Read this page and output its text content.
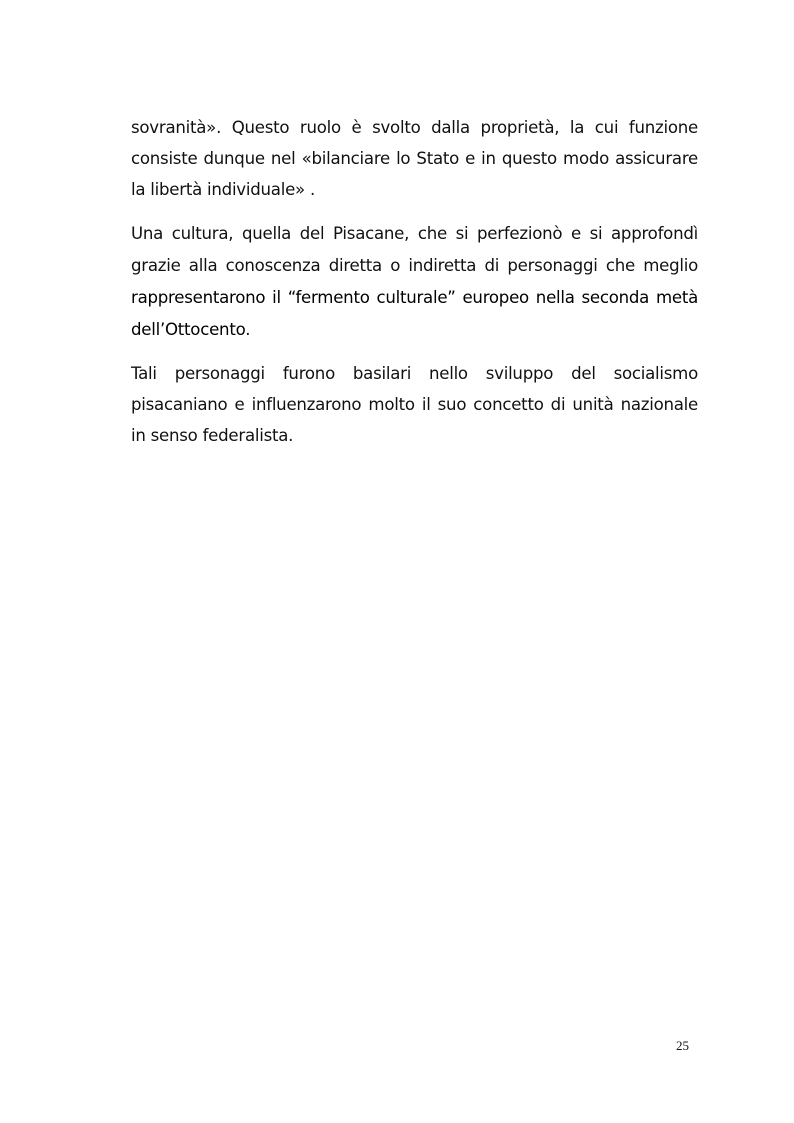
sovranità». Questo ruolo è svolto dalla proprietà, la cui funzione consiste dunque nel «bilanciare lo Stato e in questo modo assicurare la libertà individuale» .

Una cultura, quella del Pisacane, che si perfezionò e si approfondì grazie alla conoscenza diretta o indiretta di personaggi che meglio rappresentarono il “fermento culturale” europeo nella seconda metà dell’Ottocento.

Tali personaggi furono basilari nello sviluppo del socialismo pisacaniano e influenzarono molto il suo concetto di unità nazionale in senso federalista.

25
